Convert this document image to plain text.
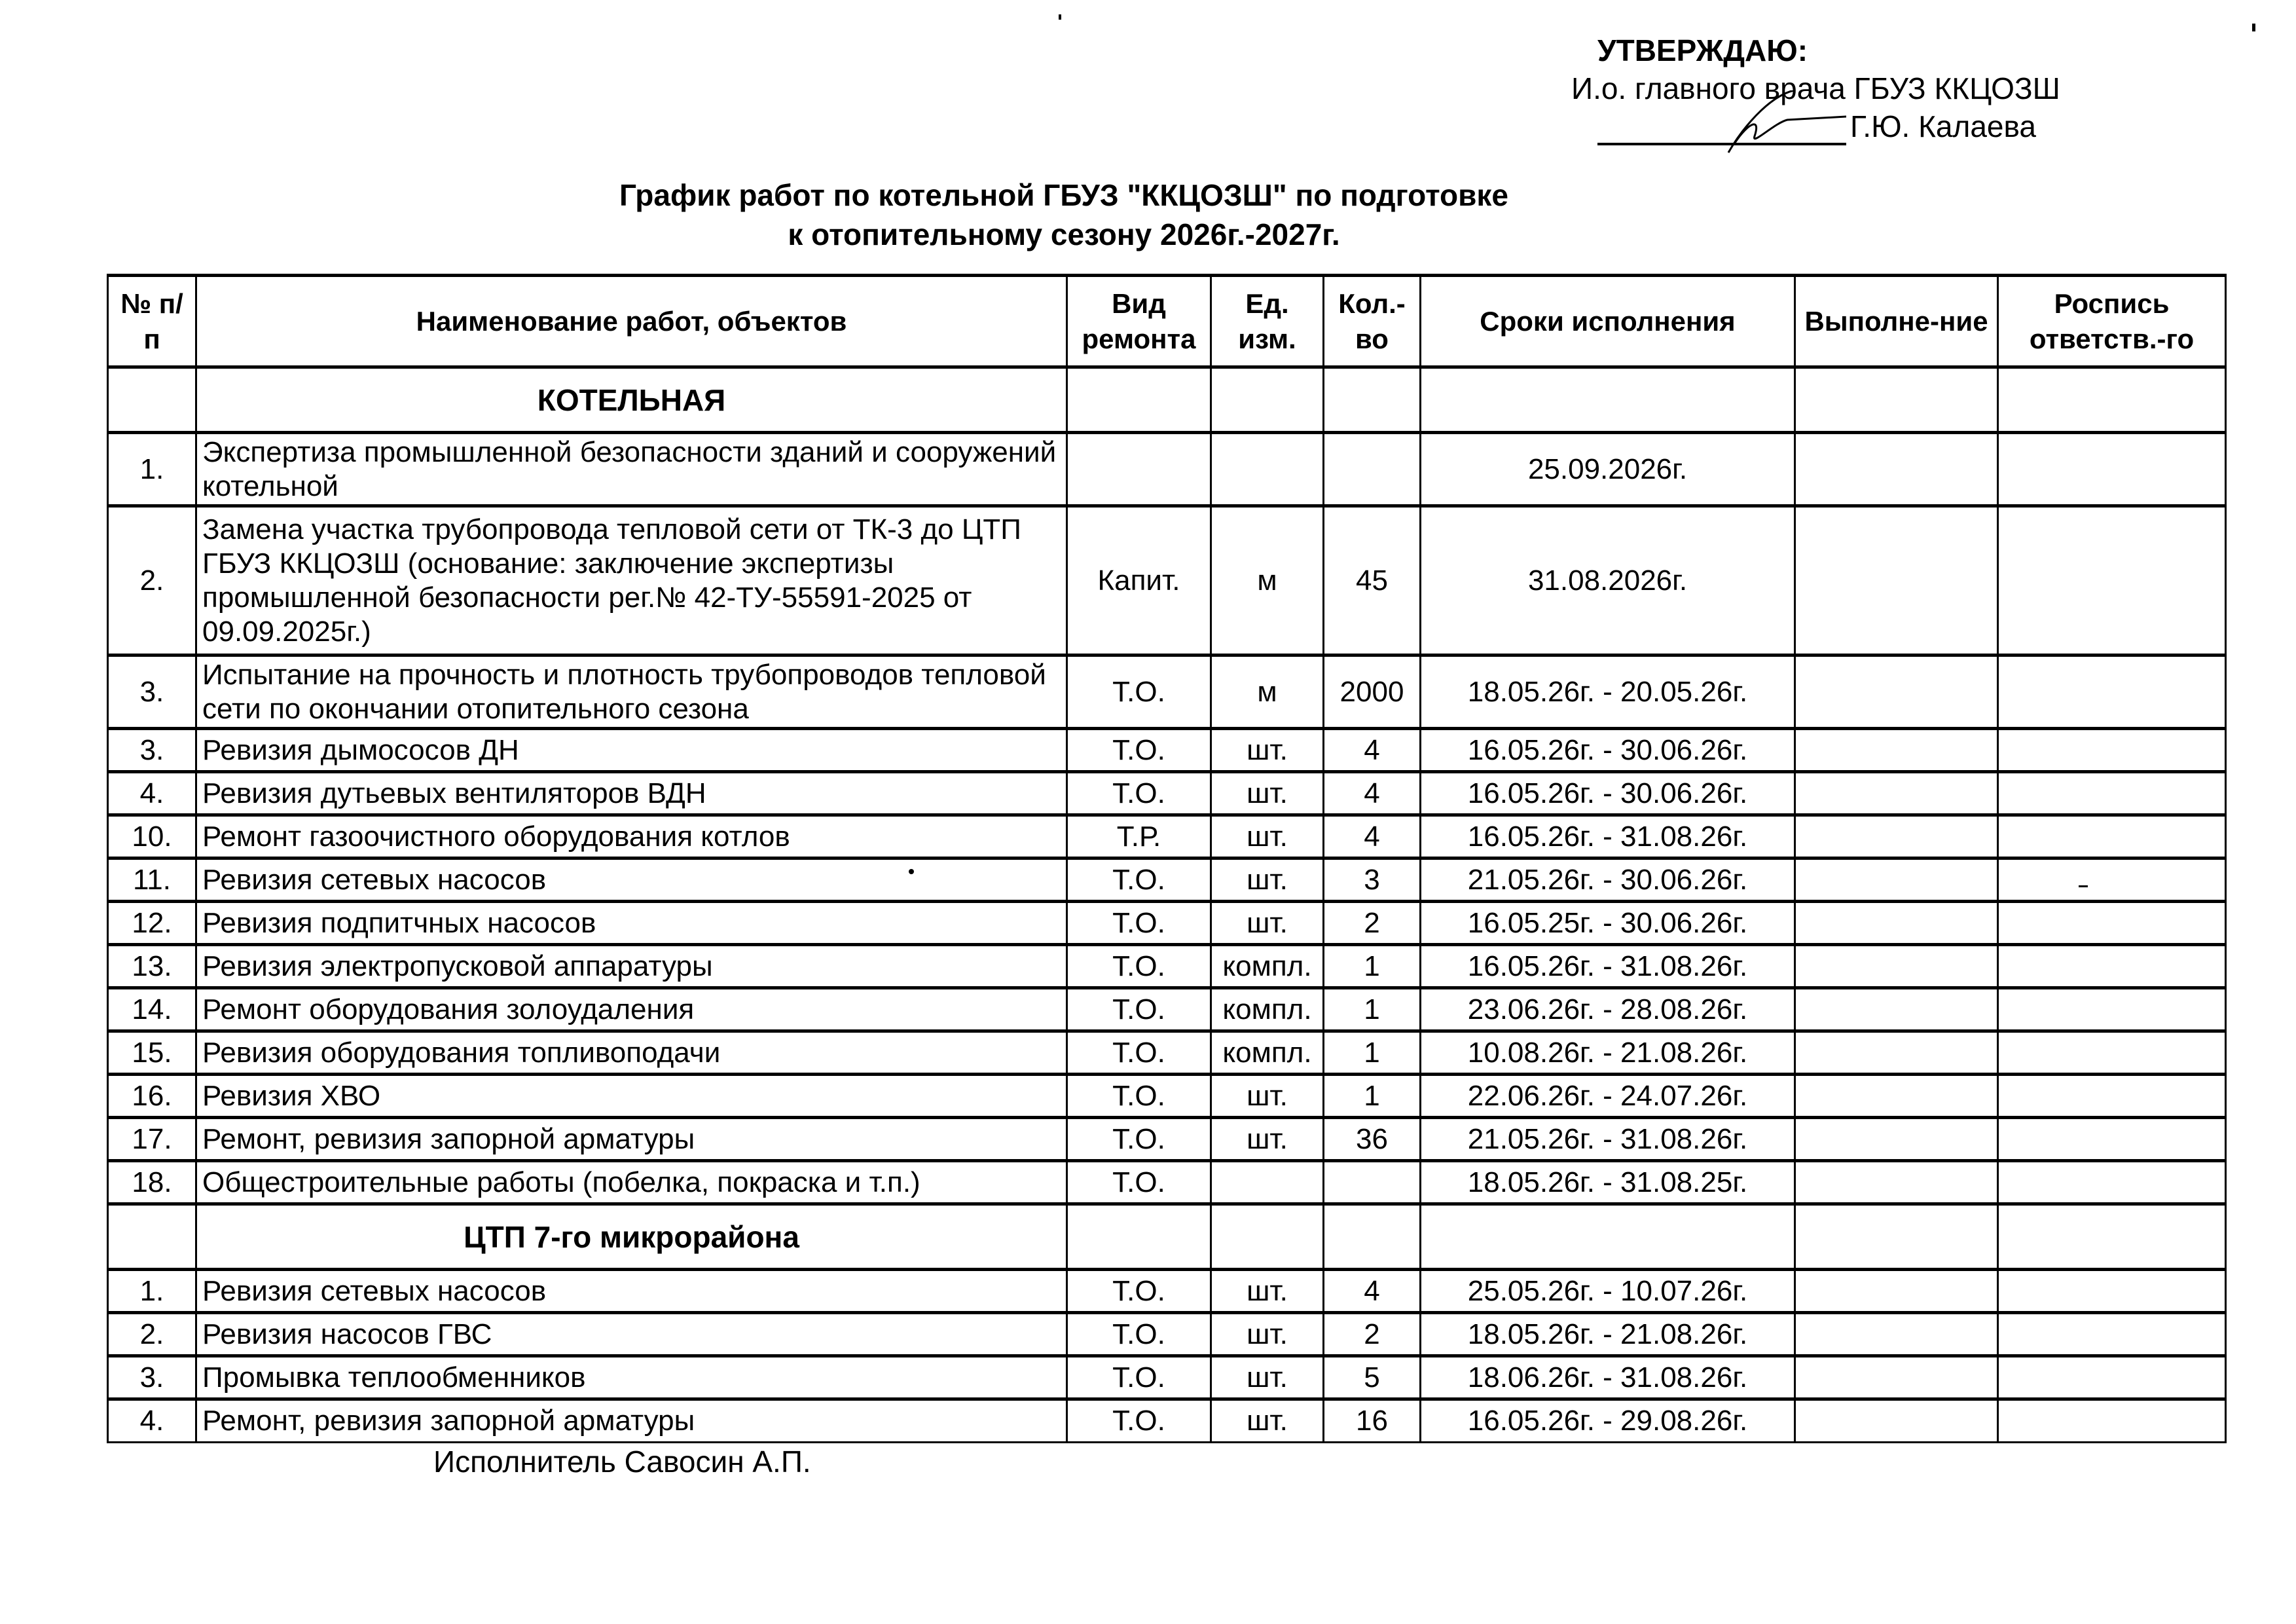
УТВЕРЖДАЮ:
И.о. главного врача ГБУЗ ККЦОЗШ
Г.Ю. Калаева
График работ по котельной ГБУЗ "ККЦОЗШ" по подготовке
к отопительному сезону 2026г.-2027г.
№ п/п	Наименование работ, объектов	Вид ремонта	Ед. изм.	Кол.-во	Сроки исполнения	Выполне-ние	Роспись ответств.-го
	КОТЕЛЬНАЯ						
1.	Экспертиза промышленной безопасности зданий и сооружений котельной				25.09.2026г.		
2.	Замена участка трубопровода тепловой сети от ТК-3 до ЦТП ГБУЗ ККЦОЗШ (основание: заключение экспертизы промышленной безопасности рег.№ 42-ТУ-55591-2025 от 09.09.2025г.)	Капит.	м	45	31.08.2026г.		
3.	Испытание на прочность и плотность трубопроводов тепловой сети по окончании отопительного сезона	Т.О.	м	2000	18.05.26г. - 20.05.26г.		
3.	Ревизия дымососов ДН	Т.О.	шт.	4	16.05.26г. - 30.06.26г.		
4.	Ревизия дутьевых вентиляторов ВДН	Т.О.	шт.	4	16.05.26г. - 30.06.26г.		
10.	Ремонт газоочистного оборудования котлов	Т.Р.	шт.	4	16.05.26г. - 31.08.26г.		
11.	Ревизия сетевых насосов	Т.О.	шт.	3	21.05.26г. - 30.06.26г.		
12.	Ревизия подпитчных насосов	Т.О.	шт.	2	16.05.25г. - 30.06.26г.		
13.	Ревизия электропусковой аппаратуры	Т.О.	компл.	1	16.05.26г. - 31.08.26г.		
14.	Ремонт оборудования золоудаления	Т.О.	компл.	1	23.06.26г. - 28.08.26г.		
15.	Ревизия оборудования топливоподачи	Т.О.	компл.	1	10.08.26г. - 21.08.26г.		
16.	Ревизия ХВО	Т.О.	шт.	1	22.06.26г. - 24.07.26г.		
17.	Ремонт, ревизия запорной арматуры	Т.О.	шт.	36	21.05.26г. - 31.08.26г.		
18.	Общестроительные работы (побелка, покраска и т.п.)	Т.О.			18.05.26г. - 31.08.25г.		
	ЦТП 7-го микрорайона						
1.	Ревизия сетевых насосов	Т.О.	шт.	4	25.05.26г. - 10.07.26г.		
2.	Ревизия насосов ГВС	Т.О.	шт.	2	18.05.26г. - 21.08.26г.		
3.	Промывка теплообменников	Т.О.	шт.	5	18.06.26г. - 31.08.26г.		
4.	Ремонт, ревизия запорной арматуры	Т.О.	шт.	16	16.05.26г. - 29.08.26г.		
Исполнитель Савосин А.П.
